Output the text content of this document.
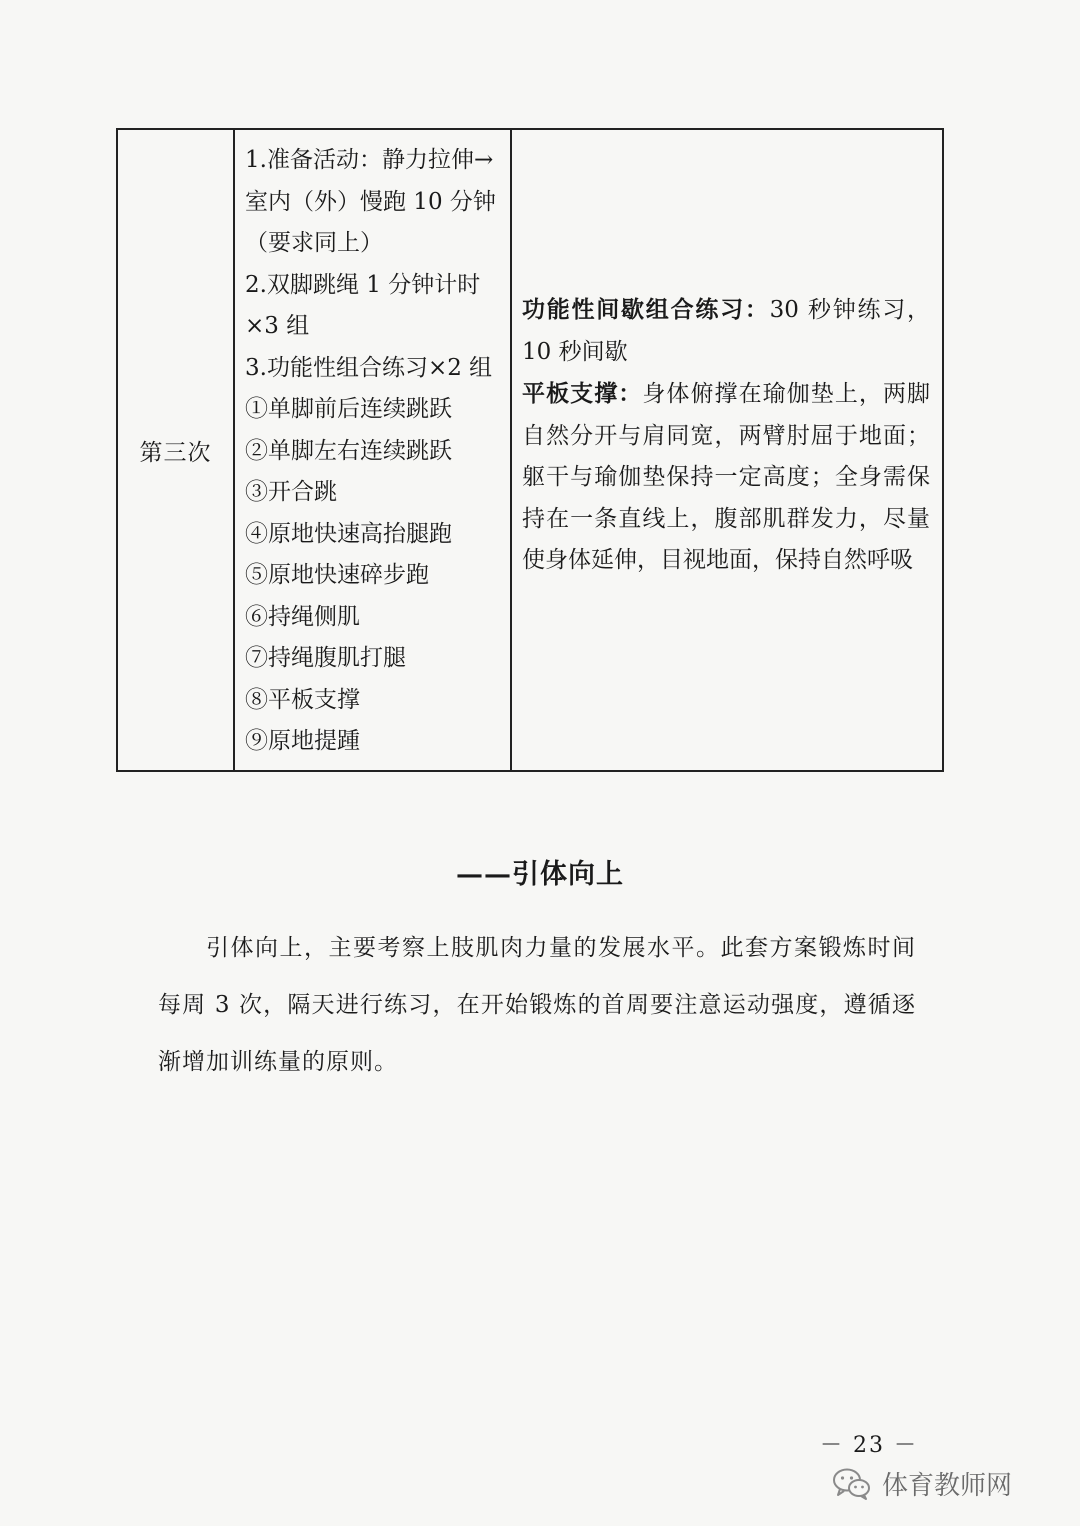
第三次
1.准备活动：静力拉伸→
室内（外）慢跑 10 分钟
（要求同上）
2.双脚跳绳 1 分钟计时
×3 组
3.功能性组合练习×2 组
①单脚前后连续跳跃
②单脚左右连续跳跃
③开合跳
④原地快速高抬腿跑
⑤原地快速碎步跑
⑥持绳侧肌
⑦持绳腹肌打腿
⑧平板支撑
⑨原地提踵
功能性间歇组合练习：30 秒钟练习，10 秒间歇
平板支撑：身体俯撑在瑜伽垫上，两脚自然分开与肩同宽，两臂肘屈于地面；躯干与瑜伽垫保持一定高度；全身需保持在一条直线上，腹部肌群发力，尽量使身体延伸，目视地面，保持自然呼吸
——引体向上
引体向上，主要考察上肢肌肉力量的发展水平。此套方案锻炼时间每周 3 次，隔天进行练习，在开始锻炼的首周要注意运动强度，遵循逐渐增加训练量的原则。
－ 23 －
体育教师网
